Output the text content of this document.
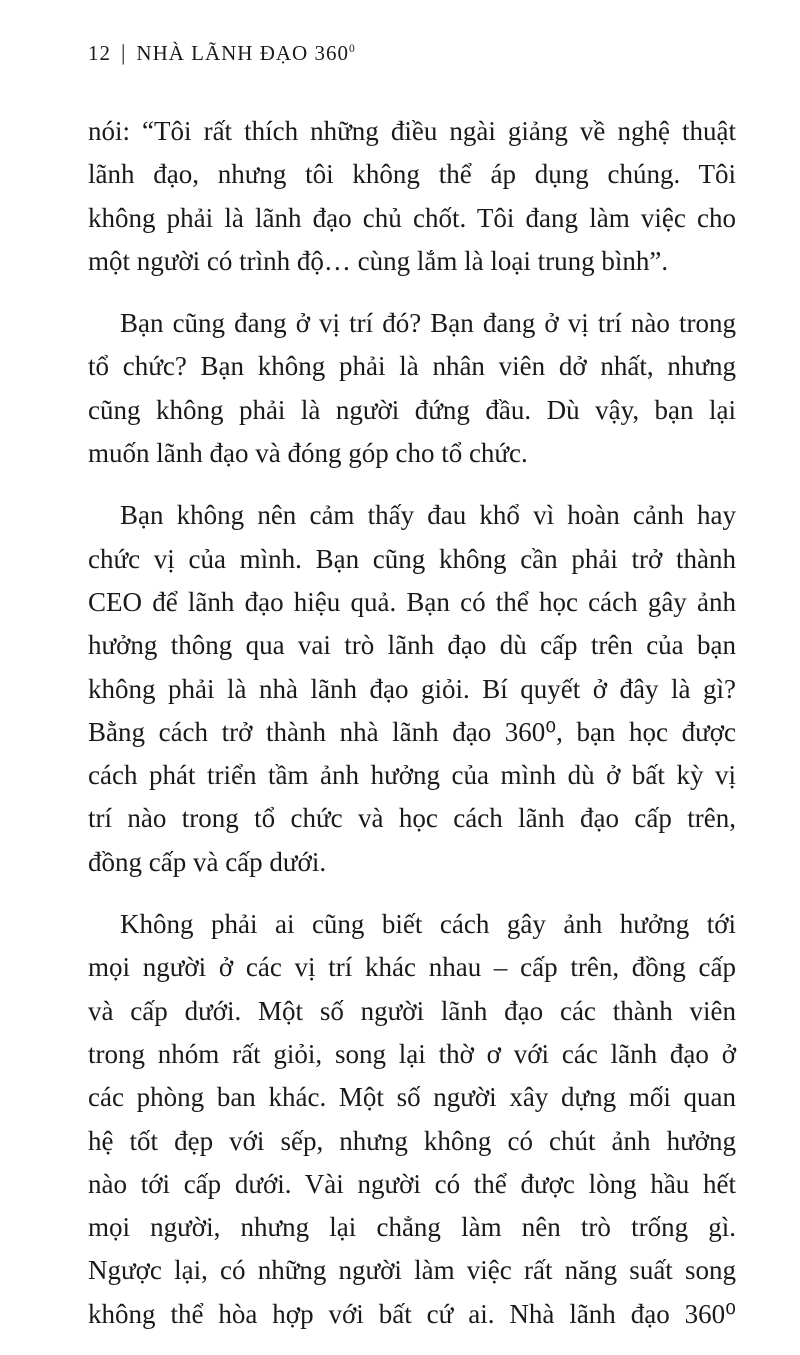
12 | NHÀ LÃNH ĐẠO $360^0$
nói: “Tôi rất thích những điều ngài giảng về nghệ thuật
lãnh đạo, nhưng tôi không thể áp dụng chúng. Tôi
không phải là lãnh đạo chủ chốt. Tôi đang làm việc cho
một người có trình độ… cùng lắm là loại trung bình”.
Bạn cũng đang ở vị trí đó? Bạn đang ở vị trí nào trong
tổ chức? Bạn không phải là nhân viên dở nhất, nhưng
cũng không phải là người đứng đầu. Dù vậy, bạn lại
muốn lãnh đạo và đóng góp cho tổ chức.
Bạn không nên cảm thấy đau khổ vì hoàn cảnh hay
chức vị của mình. Bạn cũng không cần phải trở thành
CEO để lãnh đạo hiệu quả. Bạn có thể học cách gây ảnh
hưởng thông qua vai trò lãnh đạo dù cấp trên của bạn
không phải là nhà lãnh đạo giỏi. Bí quyết ở đây là gì?
Bằng cách trở thành nhà lãnh đạo 360⁰, bạn học được
cách phát triển tầm ảnh hưởng của mình dù ở bất kỳ vị
trí nào trong tổ chức và học cách lãnh đạo cấp trên,
đồng cấp và cấp dưới.
Không phải ai cũng biết cách gây ảnh hưởng tới
mọi người ở các vị trí khác nhau – cấp trên, đồng cấp
và cấp dưới. Một số người lãnh đạo các thành viên
trong nhóm rất giỏi, song lại thờ ơ với các lãnh đạo ở
các phòng ban khác. Một số người xây dựng mối quan
hệ tốt đẹp với sếp, nhưng không có chút ảnh hưởng
nào tới cấp dưới. Vài người có thể được lòng hầu hết
mọi người, nhưng lại chẳng làm nên trò trống gì.
Ngược lại, có những người làm việc rất năng suất song
không thể hòa hợp với bất cứ ai. Nhà lãnh đạo 360⁰
